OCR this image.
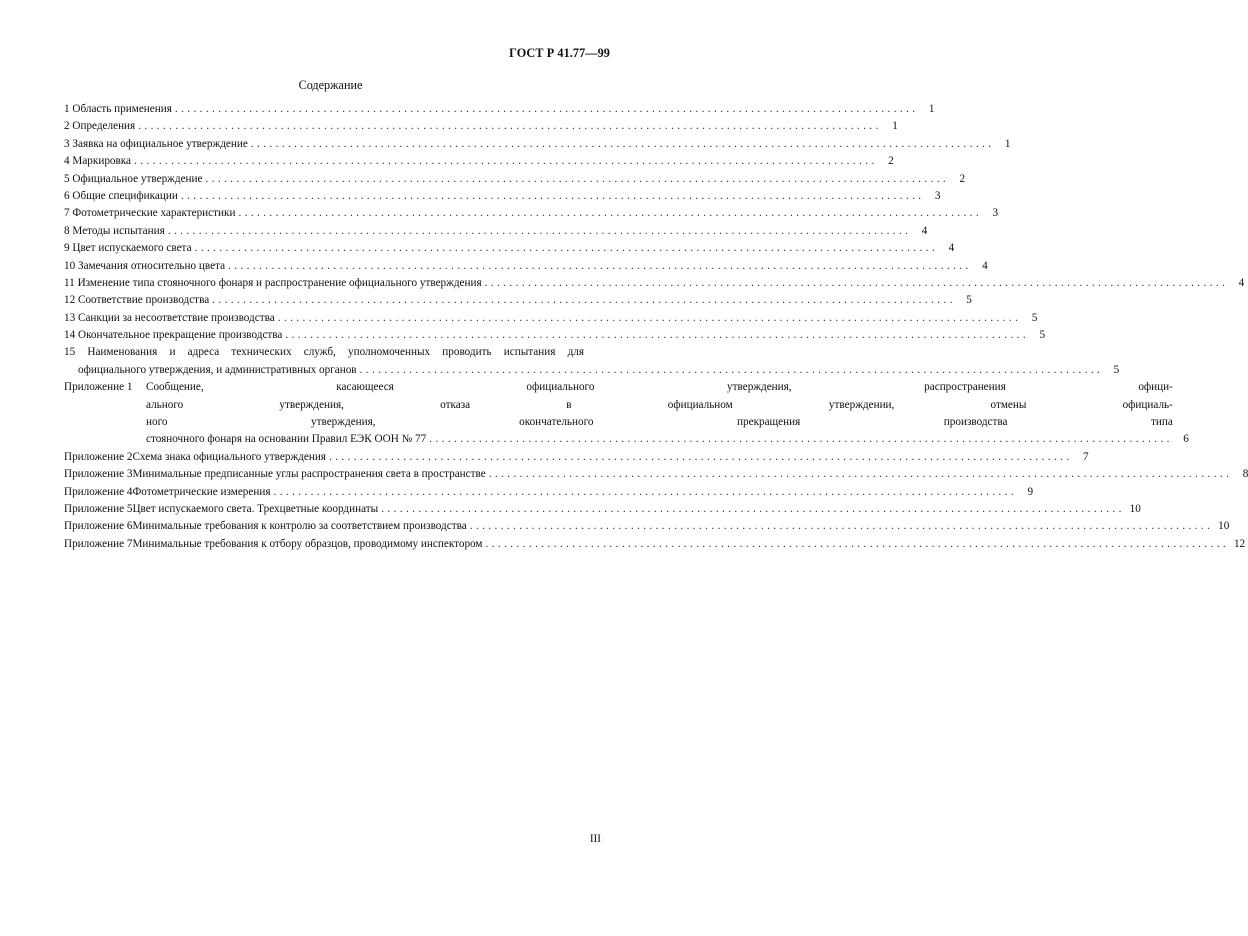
ГОСТ Р 41.77—99
Содержание
1 Область применения ........................................................................................................................ 1
2 Определения ........................................................................................................................ 1
3 Заявка на официальное утверждение ........................................................................................................................ 1
4 Маркировка ........................................................................................................................ 2
5 Официальное утверждение ........................................................................................................................ 2
6 Общие спецификации ........................................................................................................................ 3
7 Фотометрические характеристики ........................................................................................................................ 3
8 Методы испытания ........................................................................................................................ 4
9 Цвет испускаемого света ........................................................................................................................ 4
10 Замечания относительно цвета ........................................................................................................................ 4
11 Изменение типа стояночного фонаря и распространение официального утверждения ........................................................................................................................ 4
12 Соответствие производства ........................................................................................................................ 5
13 Санкции за несоответствие производства ........................................................................................................................ 5
14 Окончательное прекращение производства ........................................................................................................................ 5
15 Наименования и адреса технических служб, уполномоченных проводить испытания для
официального утверждения, и административных органов ........................................................................................................................ 5
Приложение 1	Сообщение, касающееся официального утверждения, распространения офици-
ального утверждения, отказа в официальном утверждении, отмены официаль-
ного утверждения, окончательного прекращения производства типа
стояночного фонаря на основании Правил ЕЭК ООН № 77 ........................................................................................................................ 6
Приложение 2 Схема знака официального утверждения ........................................................................................................................ 7
Приложение 3 Минимальные предписанные углы распространения света в пространстве ........................................................................................................................ 8
Приложение 4 Фотометрические измерения ........................................................................................................................ 9
Приложение 5 Цвет испускаемого света. Трехцветные координаты ........................................................................................................................ 10
Приложение 6 Минимальные требования к контролю за соответствием производства ........................................................................................................................ 10
Приложение 7 Минимальные требования к отбору образцов, проводимому инспектором ........................................................................................................................ 12
III
